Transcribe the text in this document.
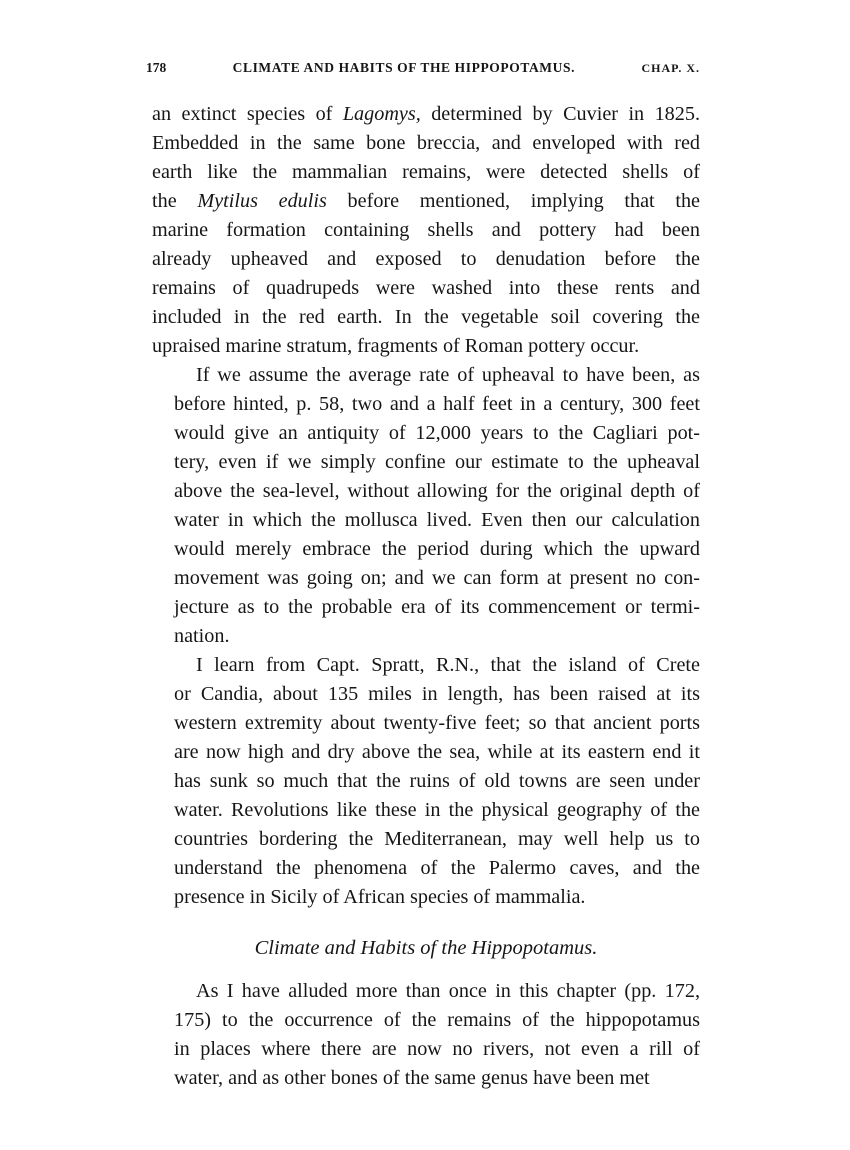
178	CLIMATE AND HABITS OF THE HIPPOPOTAMUS.	CHAP. X.

an extinct species of Lagomys, determined by Cuvier in 1825.
Embedded in the same bone breccia, and enveloped with red
earth like the mammalian remains, were detected shells of
the Mytilus edulis before mentioned, implying that the
marine formation containing shells and pottery had been
already upheaved and exposed to denudation before the
remains of quadrupeds were washed into these rents and
included in the red earth. In the vegetable soil covering the
upraised marine stratum, fragments of Roman pottery occur.

If we assume the average rate of upheaval to have been, as
before hinted, p. 58, two and a half feet in a century, 300 feet
would give an antiquity of 12,000 years to the Cagliari pot-
tery, even if we simply confine our estimate to the upheaval
above the sea-level, without allowing for the original depth of
water in which the mollusca lived. Even then our calculation
would merely embrace the period during which the upward
movement was going on; and we can form at present no con-
jecture as to the probable era of its commencement or termi-
nation.

I learn from Capt. Spratt, R.N., that the island of Crete
or Candia, about 135 miles in length, has been raised at its
western extremity about twenty-five feet; so that ancient ports
are now high and dry above the sea, while at its eastern end it
has sunk so much that the ruins of old towns are seen under
water. Revolutions like these in the physical geography of the
countries bordering the Mediterranean, may well help us to
understand the phenomena of the Palermo caves, and the
presence in Sicily of African species of mammalia.

Climate and Habits of the Hippopotamus.

As I have alluded more than once in this chapter (pp. 172,
175) to the occurrence of the remains of the hippopotamus
in places where there are now no rivers, not even a rill of
water, and as other bones of the same genus have been met
